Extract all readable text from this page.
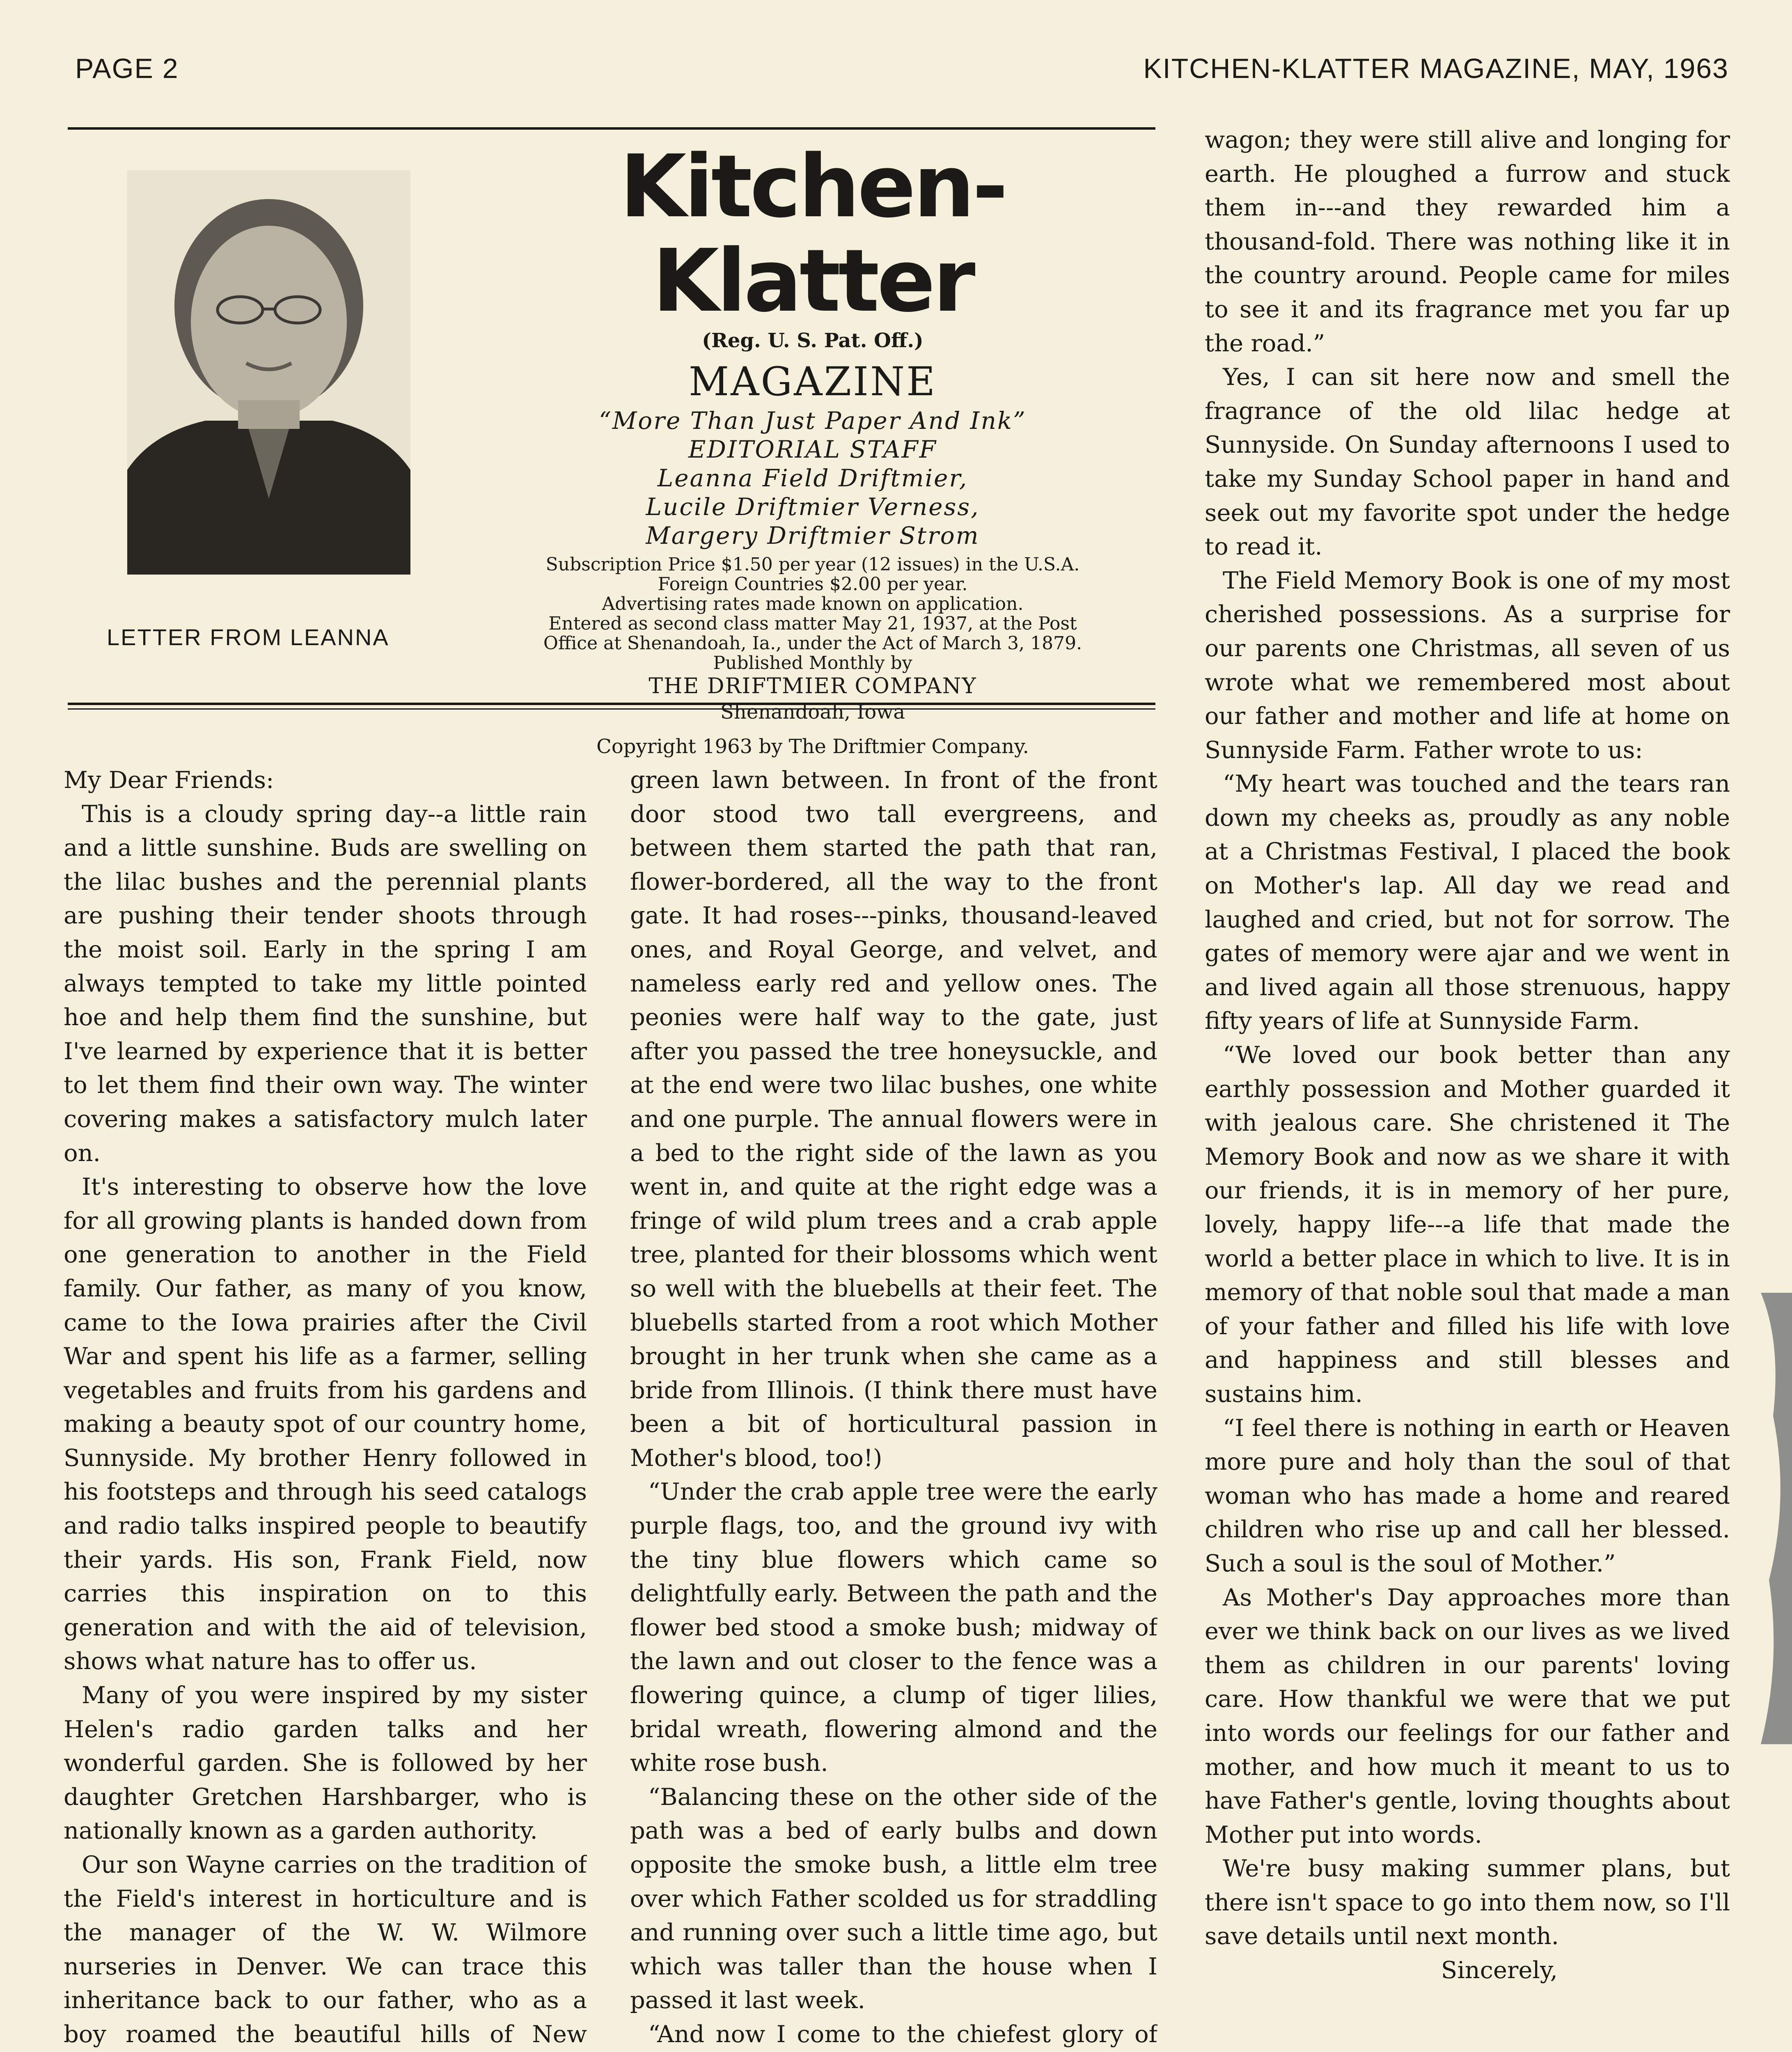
PAGE 2	KITCHEN-KLATTER MAGAZINE, MAY, 1963
LETTER FROM LEANNA
Kitchen-Klatter
(Reg. U. S. Pat. Off.)
MAGAZINE
“More Than Just Paper And Ink”
EDITORIAL STAFF
Leanna Field Driftmier,
Lucile Driftmier Verness,
Margery Driftmier Strom
Subscription Price $1.50 per year (12 issues) in the U.S.A.
Foreign Countries $2.00 per year.
Advertising rates made known on application.
Entered as second class matter May 21, 1937, at the Post
Office at Shenandoah, Ia., under the Act of March 3, 1879.
Published Monthly by
THE DRIFTMIER COMPANY
Shenandoah, Iowa
Copyright 1963 by The Driftmier Company.

My Dear Friends:

This is a cloudy spring day--a little rain and a little sunshine. Buds are swelling on the lilac bushes and the perennial plants are pushing their tender shoots through the moist soil. Early in the spring I am always tempted to take my little pointed hoe and help them find the sunshine, but I've learned by experience that it is better to let them find their own way. The winter covering makes a satisfactory mulch later on.

It's interesting to observe how the love for all growing plants is handed down from one generation to another in the Field family. Our father, as many of you know, came to the Iowa prairies after the Civil War and spent his life as a farmer, selling vegetables and fruits from his gardens and making a beauty spot of our country home, Sunnyside. My brother Henry followed in his footsteps and through his seed catalogs and radio talks inspired people to beautify their yards. His son, Frank Field, now carries this inspiration on to this generation and with the aid of television, shows what nature has to offer us.

Many of you were inspired by my sister Helen's radio garden talks and her wonderful garden. She is followed by her daughter Gretchen Harshbarger, who is nationally known as a garden authority.

Our son Wayne carries on the tradition of the Field's interest in horticulture and is the manager of the W. W. Wilmore nurseries in Denver. We can trace this inheritance back to our father, who as a boy roamed the beautiful hills of New

green lawn between. In front of the front door stood two tall evergreens, and between them started the path that ran, flower-bordered, all the way to the front gate. It had roses---pinks, thousand-leaved ones, and Royal George, and velvet, and nameless early red and yellow ones. The peonies were half way to the gate, just after you passed the tree honeysuckle, and at the end were two lilac bushes, one white and one purple. The annual flowers were in a bed to the right side of the lawn as you went in, and quite at the right edge was a fringe of wild plum trees and a crab apple tree, planted for their blossoms which went so well with the bluebells at their feet. The bluebells started from a root which Mother brought in her trunk when she came as a bride from Illinois. (I think there must have been a bit of horticultural passion in Mother's blood, too!)

“Under the crab apple tree were the early purple flags, too, and the ground ivy with the tiny blue flowers which came so delightfully early. Between the path and the flower bed stood a smoke bush; midway of the lawn and out closer to the fence was a flowering quince, a clump of tiger lilies, bridal wreath, flowering almond and the white rose bush.

“Balancing these on the other side of the path was a bed of early bulbs and down opposite the smoke bush, a little elm tree over which Father scolded us for straddling and running over such a little time ago, but which was taller than the house when I passed it last week.

“And now I come to the chiefest glory of

wagon; they were still alive and longing for earth. He ploughed a furrow and stuck them in---and they rewarded him a thousand-fold. There was nothing like it in the country around. People came for miles to see it and its fragrance met you far up the road.”

Yes, I can sit here now and smell the fragrance of the old lilac hedge at Sunnyside. On Sunday afternoons I used to take my Sunday School paper in hand and seek out my favorite spot under the hedge to read it.

The Field Memory Book is one of my most cherished possessions. As a surprise for our parents one Christmas, all seven of us wrote what we remembered most about our father and mother and life at home on Sunnyside Farm. Father wrote to us:

“My heart was touched and the tears ran down my cheeks as, proudly as any noble at a Christmas Festival, I placed the book on Mother's lap. All day we read and laughed and cried, but not for sorrow. The gates of memory were ajar and we went in and lived again all those strenuous, happy fifty years of life at Sunnyside Farm.

“We loved our book better than any earthly possession and Mother guarded it with jealous care. She christened it The Memory Book and now as we share it with our friends, it is in memory of her pure, lovely, happy life---a life that made the world a better place in which to live. It is in memory of that noble soul that made a man of your father and filled his life with love and happiness and still blesses and sustains him.

“I feel there is nothing in earth or Heaven more pure and holy than the soul of that woman who has made a home and reared children who rise up and call her blessed. Such a soul is the soul of Mother.”

As Mother's Day approaches more than ever we think back on our lives as we lived them as children in our parents' loving care. How thankful we were that we put into words our feelings for our father and mother, and how much it meant to us to have Father's gentle, loving thoughts about Mother put into words.

We're busy making summer plans, but there isn't space to go into them now, so I'll save details until next month.

Sincerely,
